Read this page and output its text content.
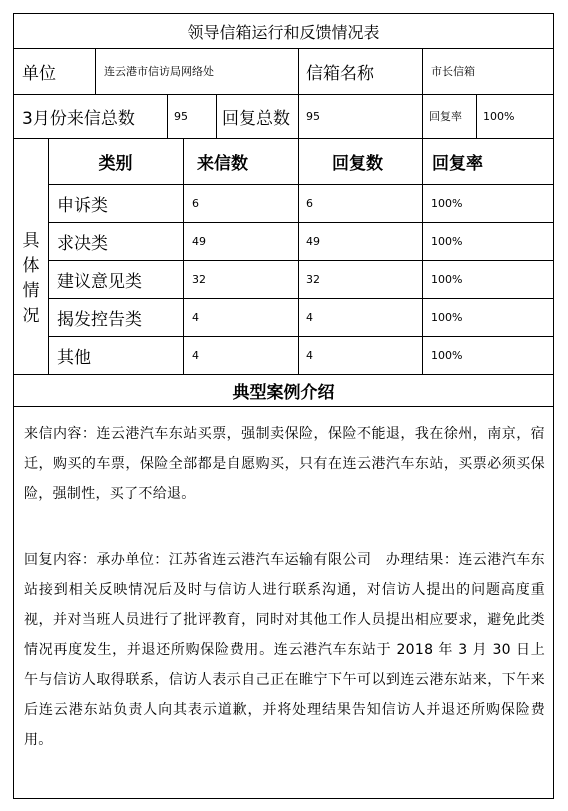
领导信箱运行和反馈情况表
单位	连云港市信访局网络处	信箱名称	市长信箱
3月份来信总数	95	回复总数	95	回复率	100%
具
体
情
况
类别	来信数	回复数	回复率
申诉类	6	6	100%
求决类	49	49	100%
建议意见类	32	32	100%
揭发控告类	4	4	100%
其他	4	4	100%
典型案例介绍
来信内容：连云港汽车东站买票，强制卖保险，保险不能退，我在徐州，南京，宿迁，购买的车票，保险全部都是自愿购买，只有在连云港汽车东站，买票必须买保险，强制性，买了不给退。
回复内容：承办单位：江苏省连云港汽车运输有限公司　办理结果：连云港汽车东站接到相关反映情况后及时与信访人进行联系沟通，对信访人提出的问题高度重视，并对当班人员进行了批评教育，同时对其他工作人员提出相应要求，避免此类情况再度发生，并退还所购保险费用。连云港汽车东站于 2018 年 3 月 30 日上午与信访人取得联系，信访人表示自己正在睢宁下午可以到连云港东站来，下午来后连云港东站负责人向其表示道歉，并将处理结果告知信访人并退还所购保险费用。
